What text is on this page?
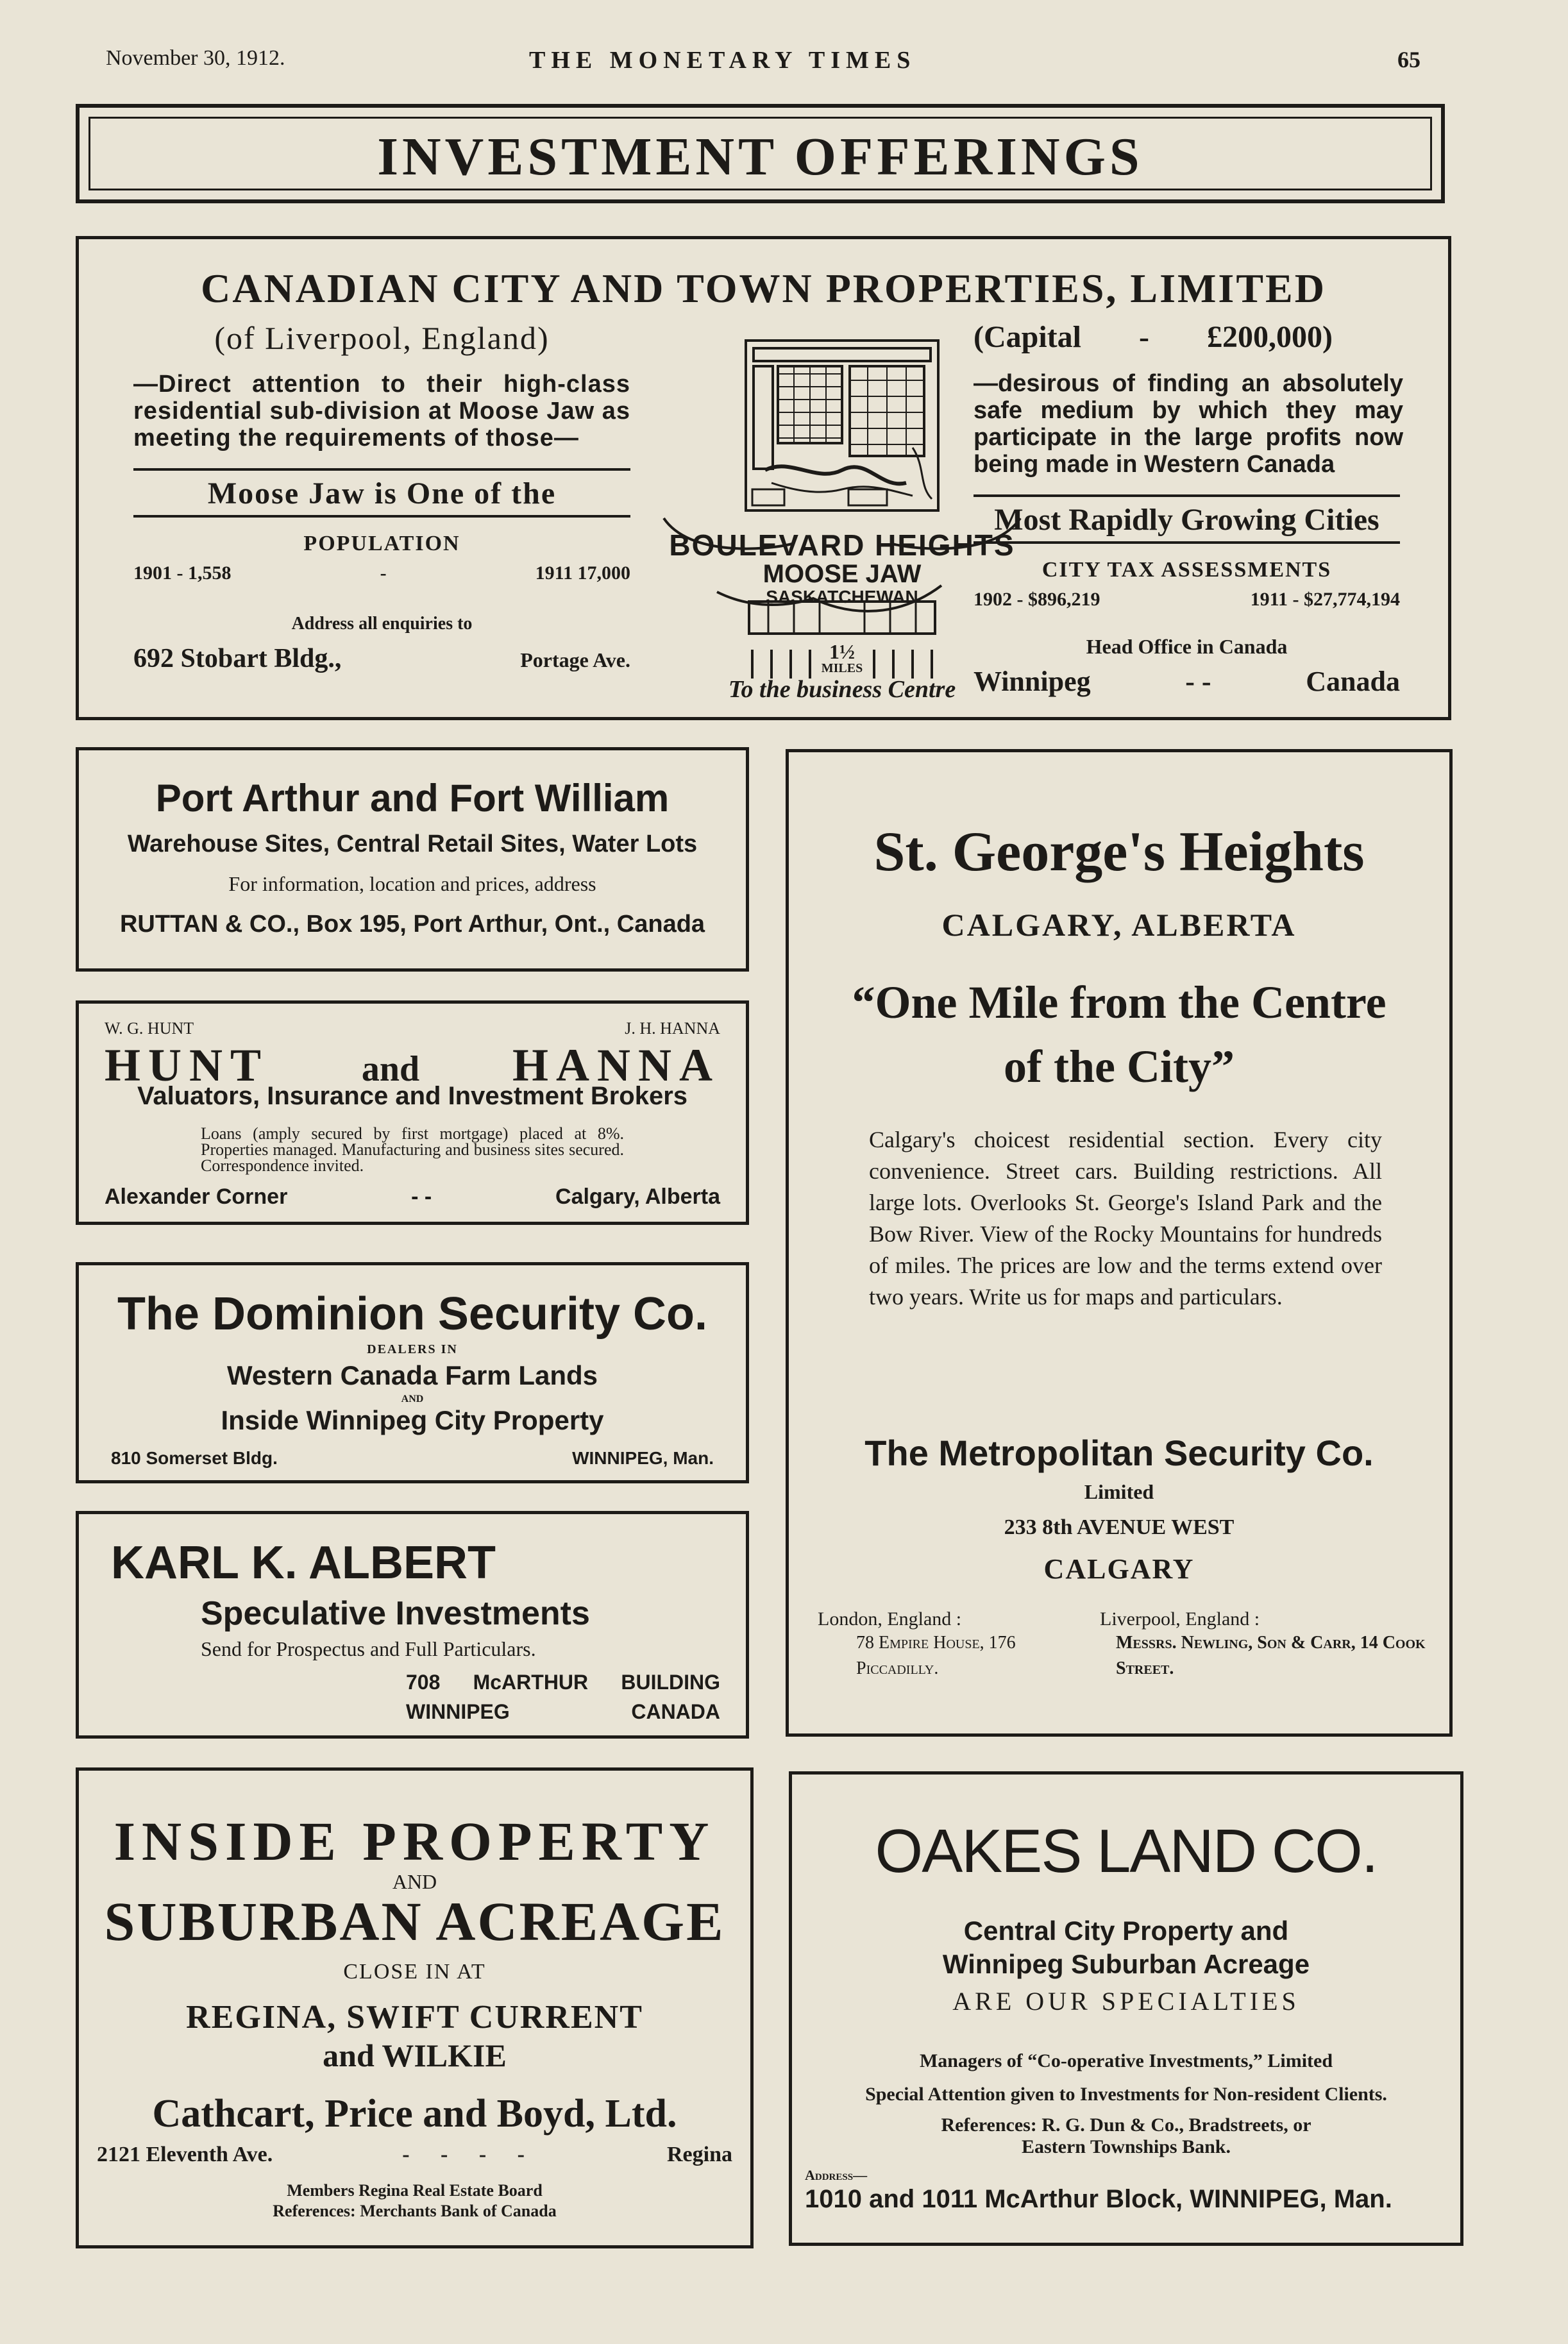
November 30, 1912.	THE MONETARY TIMES	65
INVESTMENT OFFERINGS
CANADIAN CITY AND TOWN PROPERTIES, LIMITED
(of Liverpool, England)

—Direct attention to their high-class residential sub-division at Moose Jaw as meeting the requirements of those—

Moose Jaw is One of the
POPULATION
1901 - 1,558	-	1911 17,000
Address all enquiries to
692 Stobart Bldg.,	Portage Ave.
(Capital - £200,000)

—desirous of finding an absolutely safe medium by which they may participate in the large profits now being made in Western Canada

Most Rapidly Growing Cities
CITY TAX ASSESSMENTS
1902 - $896,219	1911 - $27,774,194
Head Office in Canada
Winnipeg	- -	Canada
BOULEVARD HEIGHTS
MOOSE JAW
SASKATCHEWAN
1½
MILES
To the business Centre
Port Arthur and Fort William
Warehouse Sites, Central Retail Sites, Water Lots
For information, location and prices, address
RUTTAN & CO., Box 195, Port Arthur, Ont., Canada
W. G. HUNT	J. H. HANNA
HUNT	and HANNA
Valuators, Insurance and Investment Brokers

Loans (amply secured by first mortgage) placed at 8%. Properties managed. Manufacturing and business sites secured. Correspondence invited.

Alexander Corner	- -	Calgary, Alberta
The Dominion Security Co.
DEALERS IN
Western Canada Farm Lands
AND
Inside Winnipeg City Property
810 Somerset Bldg.	WINNIPEG, Man.
KARL K. ALBERT
Speculative Investments
Send for Prospectus and Full Particulars.
708 McARTHUR BUILDING
WINNIPEG	CANADA
INSIDE PROPERTY
AND
SUBURBAN ACREAGE
CLOSE IN AT
REGINA, SWIFT CURRENT
and WILKIE
Cathcart, Price and Boyd, Ltd.
2121 Eleventh Ave.	- - - -	Regina
Members Regina Real Estate Board
References: Merchants Bank of Canada
St. George's Heights
CALGARY, ALBERTA
“One Mile from the Centre of the City”

Calgary's choicest residential section. Every city convenience. Street cars. Building restrictions. All large lots. Overlooks St. George's Island Park and the Bow River. View of the Rocky Mountains for hundreds of miles. The prices are low and the terms extend over two years. Write us for maps and particulars.

The Metropolitan Security Co.
Limited
233 8th AVENUE WEST
CALGARY
London, England :
78 Empire House, 176 Piccadilly.
Liverpool, England :
Messrs. Newling, Son & Carr, 14 Cook Street.
OAKES LAND CO.
Central City Property and
Winnipeg Suburban Acreage
ARE OUR SPECIALTIES
Managers of “Co-operative Investments,” Limited
Special Attention given to Investments for Non-resident Clients.
References: R. G. Dun & Co., Bradstreets, or Eastern Townships Bank.
Address—
1010 and 1011 McArthur Block, WINNIPEG, Man.
